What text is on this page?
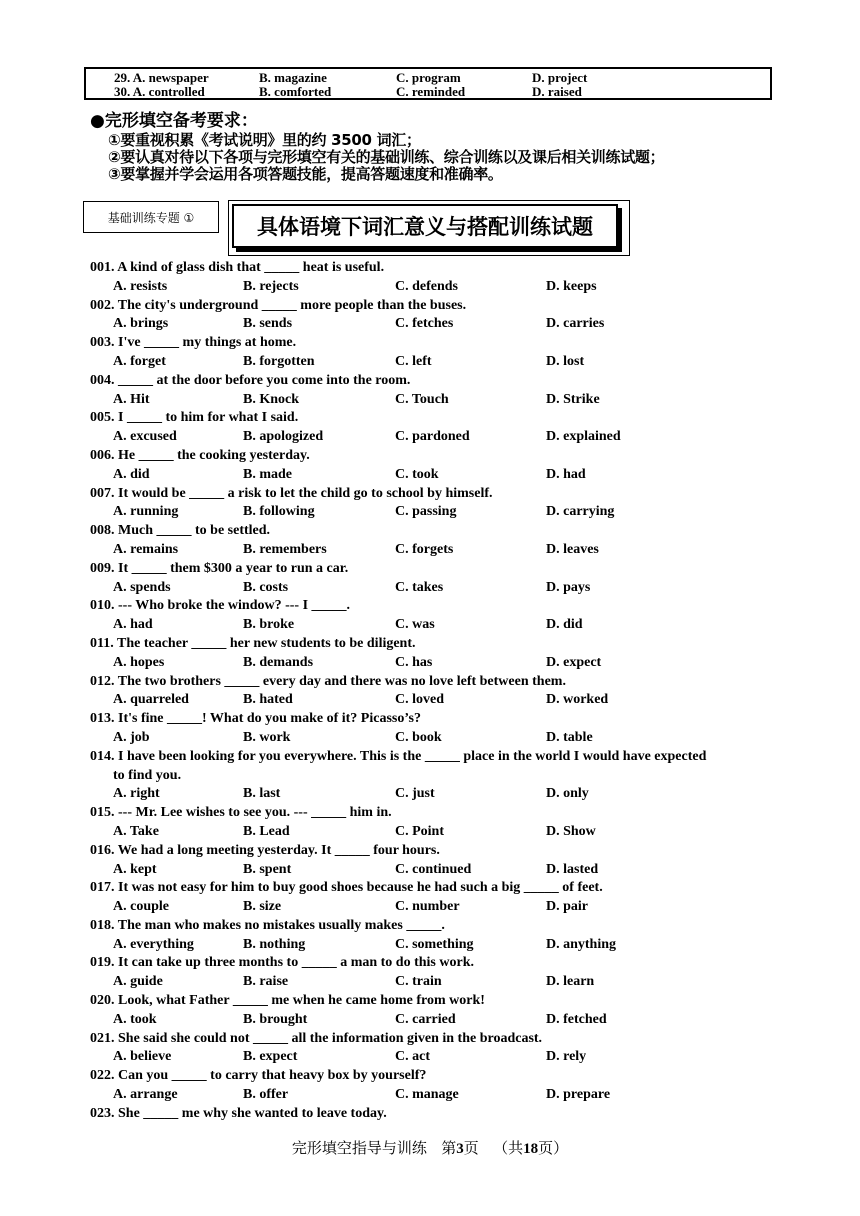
29. A. newspaper	B. magazine	C. program	D. project
30. A. controlled	B. comforted	C. reminded	D. raised
●完形填空备考要求：
①要重视积累《考试说明》里的约 3500 词汇；
②要认真对待以下各项与完形填空有关的基础训练、综合训练以及课后相关训练试题；
③要掌握并学会运用各项答题技能，提高答题速度和准确率。
基础训练专题 ①	具体语境下词汇意义与搭配训练试题
001. A kind of glass dish that _____ heat is useful.
A. resists	B. rejects	C. defends	D. keeps
002. The city's underground _____ more people than the buses.
A. brings	B. sends	C. fetches	D. carries
003. I've _____ my things at home.
A. forget	B. forgotten	C. left	D. lost
004. _____ at the door before you come into the room.
A. Hit	B. Knock	C. Touch	D. Strike
005. I _____ to him for what I said.
A. excused	B. apologized	C. pardoned	D. explained
006. He _____ the cooking yesterday.
A. did	B. made	C. took	D. had
007. It would be _____ a risk to let the child go to school by himself.
A. running	B. following	C. passing	D. carrying
008. Much _____ to be settled.
A. remains	B. remembers	C. forgets	D. leaves
009. It _____ them $300 a year to run a car.
A. spends	B. costs	C. takes	D. pays
010. --- Who broke the window? --- I _____.
A. had	B. broke	C. was	D. did
011. The teacher _____ her new students to be diligent.
A. hopes	B. demands	C. has	D. expect
012. The two brothers _____ every day and there was no love left between them.
A. quarreled	B. hated	C. loved	D. worked
013. It's fine _____! What do you make of it? Picasso’s?
A. job	B. work	C. book	D. table
014. I have been looking for you everywhere. This is the _____ place in the world I would have expected
to find you.
A. right	B. last	C. just	D. only
015. --- Mr. Lee wishes to see you. --- _____ him in.
A. Take	B. Lead	C. Point	D. Show
016. We had a long meeting yesterday. It _____ four hours.
A. kept	B. spent	C. continued	D. lasted
017. It was not easy for him to buy good shoes because he had such a big _____ of feet.
A. couple	B. size	C. number	D. pair
018. The man who makes no mistakes usually makes _____.
A. everything	B. nothing	C. something	D. anything
019. It can take up three months to _____ a man to do this work.
A. guide	B. raise	C. train	D. learn
020. Look, what Father _____ me when he came home from work!
A. took	B. brought	C. carried	D. fetched
021. She said she could not _____ all the information given in the broadcast.
A. believe	B. expect	C. act	D. rely
022. Can you _____ to carry that heavy box by yourself?
A. arrange	B. offer	C. manage	D. prepare
023. She _____ me why she wanted to leave today.
完形填空指导与训练 第3页 （共18页）
